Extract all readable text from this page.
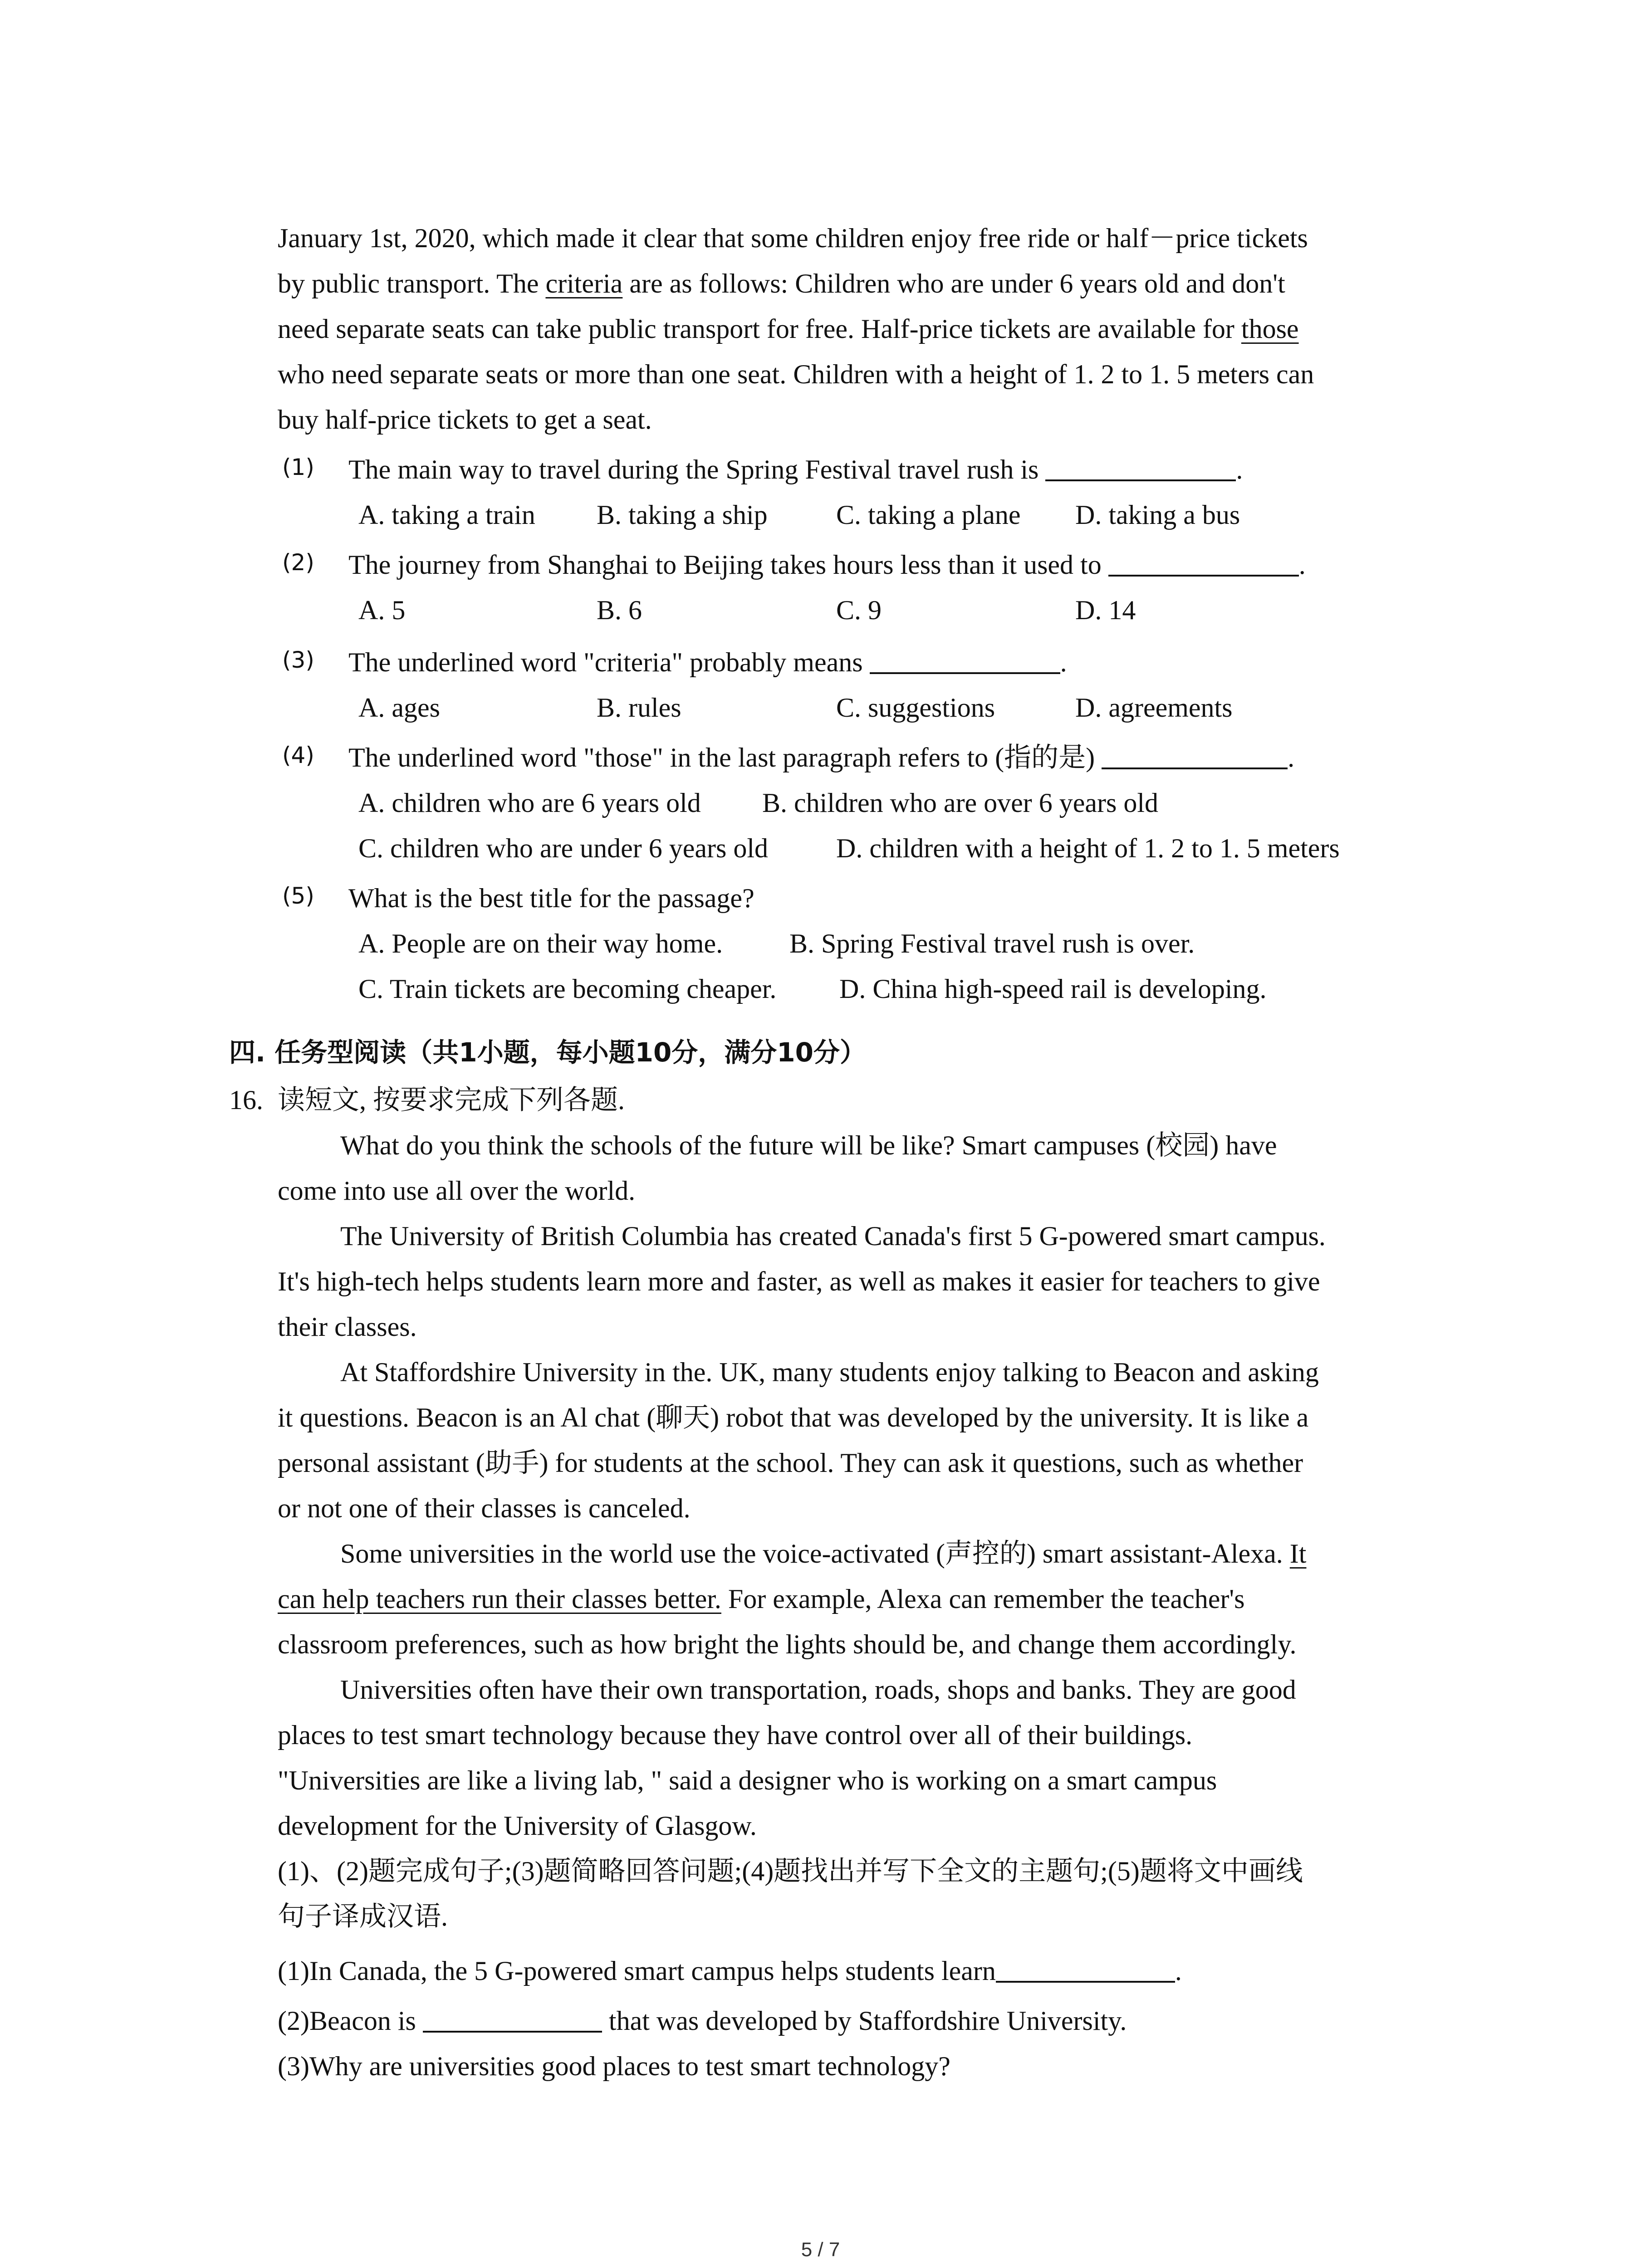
January 1st, 2020, which made it clear that some children enjoy free ride or half－price tickets
by public transport. The criteria are as follows: Children who are under 6 years old and don't
need separate seats can take public transport for free. Half-price tickets are available for those
who need separate seats or more than one seat. Children with a height of 1. 2 to 1. 5 meters can
buy half-price tickets to get a seat.
(1) The main way to travel during the Spring Festival travel rush is	.
A. taking a train B. taking a ship	C. taking a plane D. taking a bus
(2) The journey from Shanghai to Beijing takes hours less than it used to	.
A. 5	B. 6	C. 9	D. 14
(3) The underlined word "criteria" probably means	.
A. ages	B. rules	C. suggestions	D. agreements
(4) The underlined word "those" in the last paragraph refers to (指的是)	.
A. children who are 6 years old B. children who are over 6 years old
C. children who are under 6 years old D. children with a height of 1. 2 to 1. 5 meters
(5) What is the best title for the passage?
A. People are on their way home. B. Spring Festival travel rush is over.
C. Train tickets are becoming cheaper. D. China high-speed rail is developing.
四. 任务型阅读（共1小题，每小题10分，满分10分）
16. 读短文, 按要求完成下列各题.
What do you think the schools of the future will be like? Smart campuses (校园) have
come into use all over the world.
The University of British Columbia has created Canada's first 5 G-powered smart campus.
It's high-tech helps students learn more and faster, as well as makes it easier for teachers to give
their classes.
At Staffordshire University in the. UK, many students enjoy talking to Beacon and asking
it questions. Beacon is an Al chat (聊天) robot that was developed by the university. It is like a
personal assistant (助手) for students at the school. They can ask it questions, such as whether
or not one of their classes is canceled.
Some universities in the world use the voice-activated (声控的) smart assistant-Alexa. It
can help teachers run their classes better. For example, Alexa can remember the teacher's
classroom preferences, such as how bright the lights should be, and change them accordingly.
Universities often have their own transportation, roads, shops and banks. They are good
places to test smart technology because they have control over all of their buildings.
"Universities are like a living lab, " said a designer who is working on a smart campus
development for the University of Glasgow.
(1)、(2)题完成句子;(3)题简略回答问题;(4)题找出并写下全文的主题句;(5)题将文中画线
句子译成汉语.
(1)In Canada, the 5 G-powered smart campus helps students learn	.
(2)Beacon is	that was developed by Staffordshire University.
(3)Why are universities good places to test smart technology?
5 / 7
